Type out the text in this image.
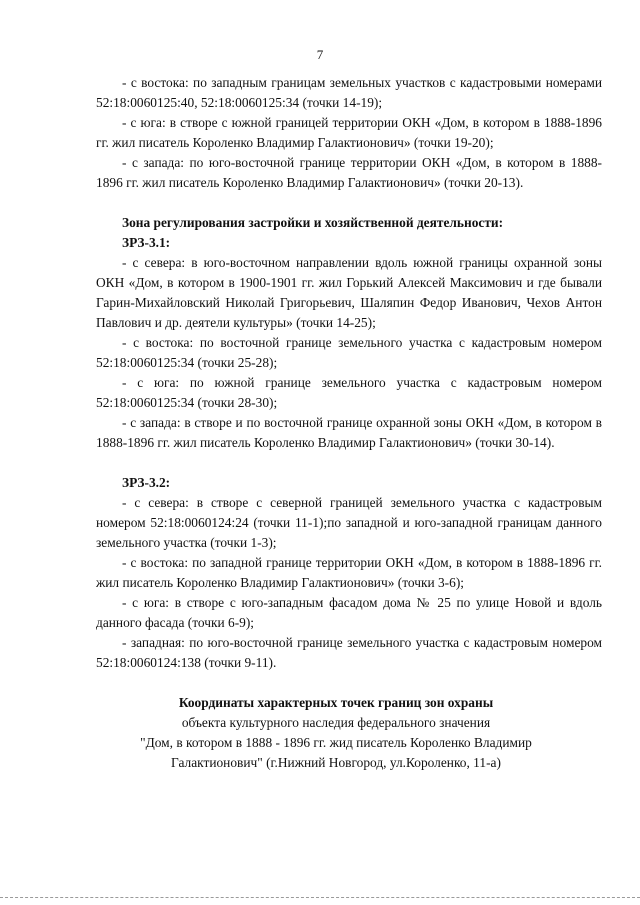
7

- с востока: по западным границам земельных участков с кадастровыми номерами 52:18:0060125:40, 52:18:0060125:34 (точки 14-19);

- с юга: в створе с южной границей территории ОКН «Дом, в котором в 1888-1896 гг. жил писатель Короленко Владимир Галактионович» (точки 19-20);

- с запада: по юго-восточной границе территории ОКН «Дом, в котором в 1888-1896 гг. жил писатель Короленко Владимир Галактионович» (точки 20-13).

Зона регулирования застройки и хозяйственной деятельности:

ЗРЗ-3.1:

- с севера: в юго-восточном направлении вдоль южной границы охранной зоны ОКН «Дом, в котором в 1900-1901 гг. жил Горький Алексей Максимович и где бывали Гарин-Михайловский Николай Григорьевич, Шаляпин Федор Иванович, Чехов Антон Павлович и др. деятели культуры» (точки 14-25);

- с востока: по восточной границе земельного участка с кадастровым номером 52:18:0060125:34 (точки 25-28);

- с юга: по южной границе земельного участка с кадастровым номером 52:18:0060125:34 (точки 28-30);

- с запада: в створе и по восточной границе охранной зоны ОКН «Дом, в котором в 1888-1896 гг. жил писатель Короленко Владимир Галактионович» (точки 30-14).

ЗРЗ-3.2:

- с севера: в створе с северной границей земельного участка с кадастровым номером 52:18:0060124:24 (точки 11-1);по западной и юго-западной границам данного земельного участка (точки 1-3);

- с востока: по западной границе территории ОКН «Дом, в котором в 1888-1896 гг. жил писатель Короленко Владимир Галактионович» (точки 3-6);

- с юга: в створе с юго-западным фасадом дома № 25 по улице Новой и вдоль данного фасада (точки 6-9);

- западная: по юго-восточной границе земельного участка с кадастровым номером 52:18:0060124:138 (точки 9-11).

Координаты характерных точек границ зон охраны

объекта культурного наследия федерального значения

"Дом, в котором в 1888 - 1896 гг. жид писатель Короленко Владимир

Галактионович" (г.Нижний Новгород, ул.Короленко, 11-а)
